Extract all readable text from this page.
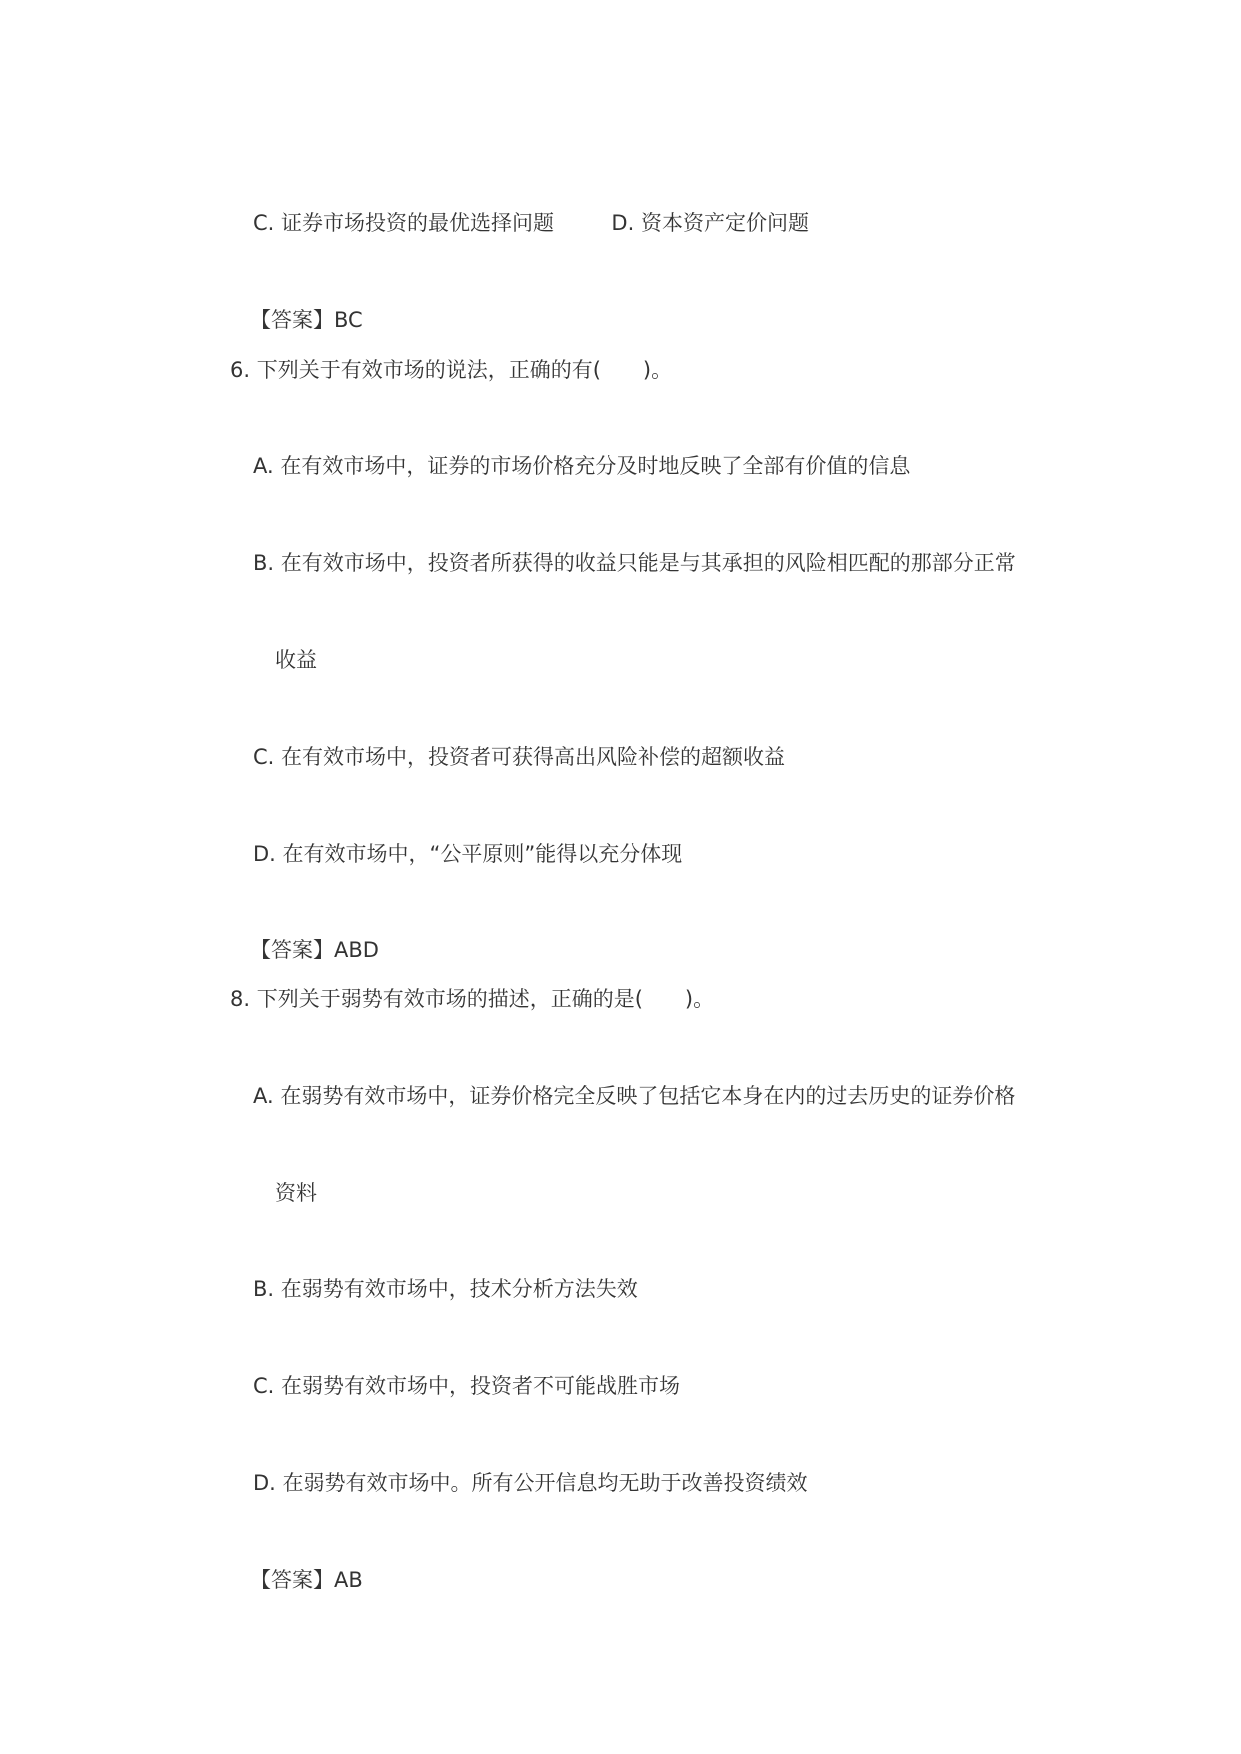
C. 证券市场投资的最优选择问题	D. 资本资产定价问题
【答案】BC
6. 下列关于有效市场的说法，正确的有(　　)。
A. 在有效市场中，证券的市场价格充分及时地反映了全部有价值的信息
B. 在有效市场中，投资者所获得的收益只能是与其承担的风险相匹配的那部分正常
收益
C. 在有效市场中，投资者可获得高出风险补偿的超额收益
D. 在有效市场中，“公平原则”能得以充分体现
【答案】ABD
8. 下列关于弱势有效市场的描述，正确的是(　　)。
A. 在弱势有效市场中，证券价格完全反映了包括它本身在内的过去历史的证券价格
资料
B. 在弱势有效市场中，技术分析方法失效
C. 在弱势有效市场中，投资者不可能战胜市场
D. 在弱势有效市场中。所有公开信息均无助于改善投资绩效
【答案】AB
